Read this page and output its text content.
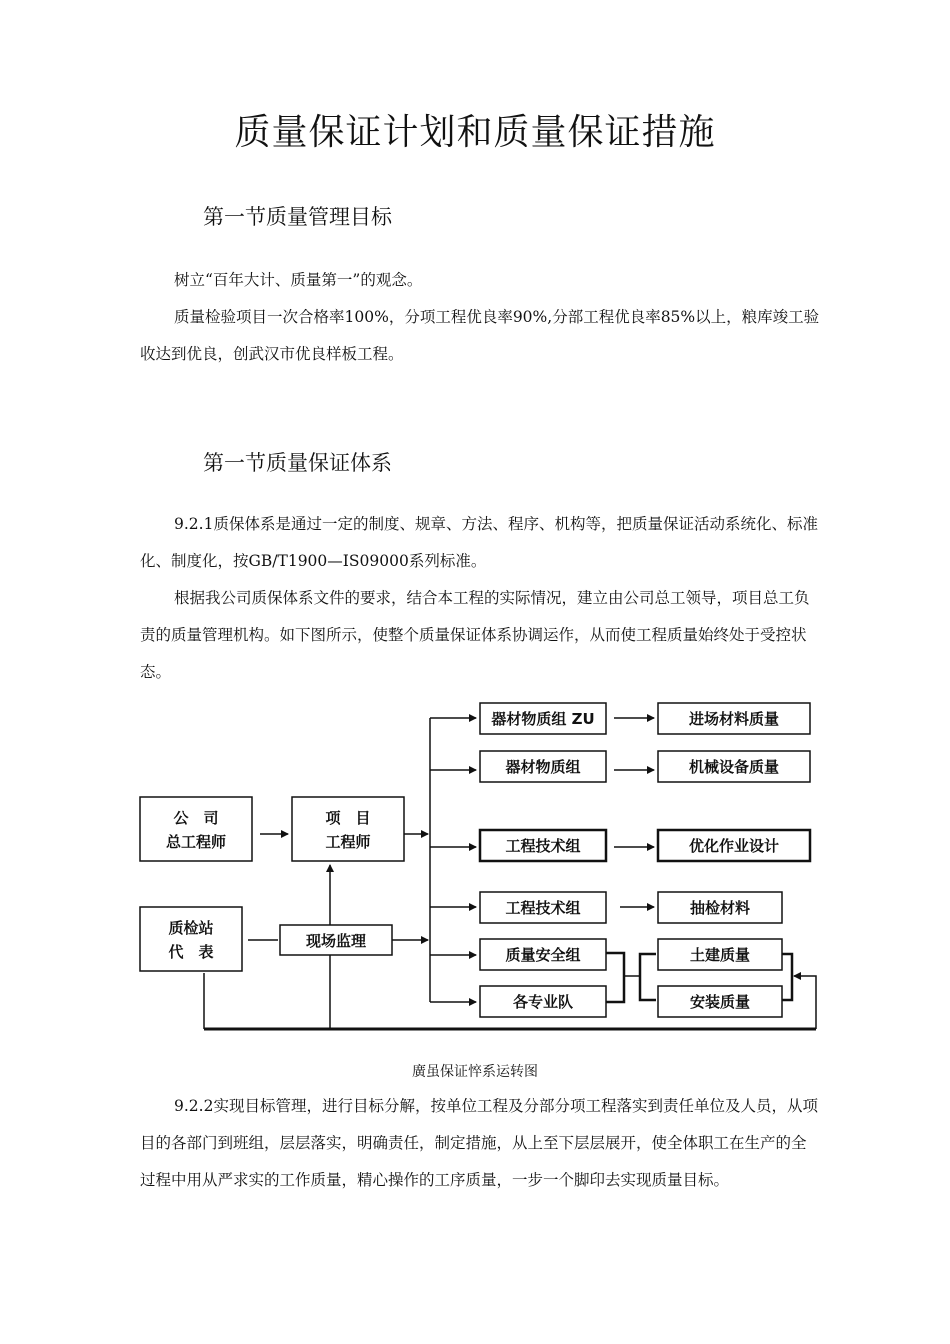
质量保证计划和质量保证措施
第一节质量管理目标

树立“百年大计、质量第一”的观念。

质量检验项目一次合格率100%，分项工程优良率90%,分部工程优良率85%以上，粮库竣工验收达到优良，创武汉市优良样板工程。

第一节质量保证体系

9.2.1质保体系是通过一定的制度、规章、方法、程序、机构等，把质量保证活动系统化、标准化、制度化，按GB/T1900—IS09000系列标准。

根据我公司质保体系文件的要求，结合本工程的实际情况，建立由公司总工领导，项目总工负责的质量管理机构。如下图所示，使整个质量保证体系协调运作，从而使工程质量始终处于受控状态。

公　司
总工程师
项　目
工程师
质检站
代　表
现场监理
器材物质组 ZU
器材物质组
工程技术组
工程技术组
质量安全组
各专业队
进场材料质量
机械设备质量
优化作业设计
抽检材料
土建质量
安装质量
廣虽保证悴系运转图

9.2.2实现目标管理，进行目标分解，按单位工程及分部分项工程落实到责任单位及人员，从项目的各部门到班组，层层落实，明确责任，制定措施，从上至下层层展开，使全体职工在生产的全过程中用从严求实的工作质量，精心操作的工序质量，一步一个脚印去实现质量目标。
